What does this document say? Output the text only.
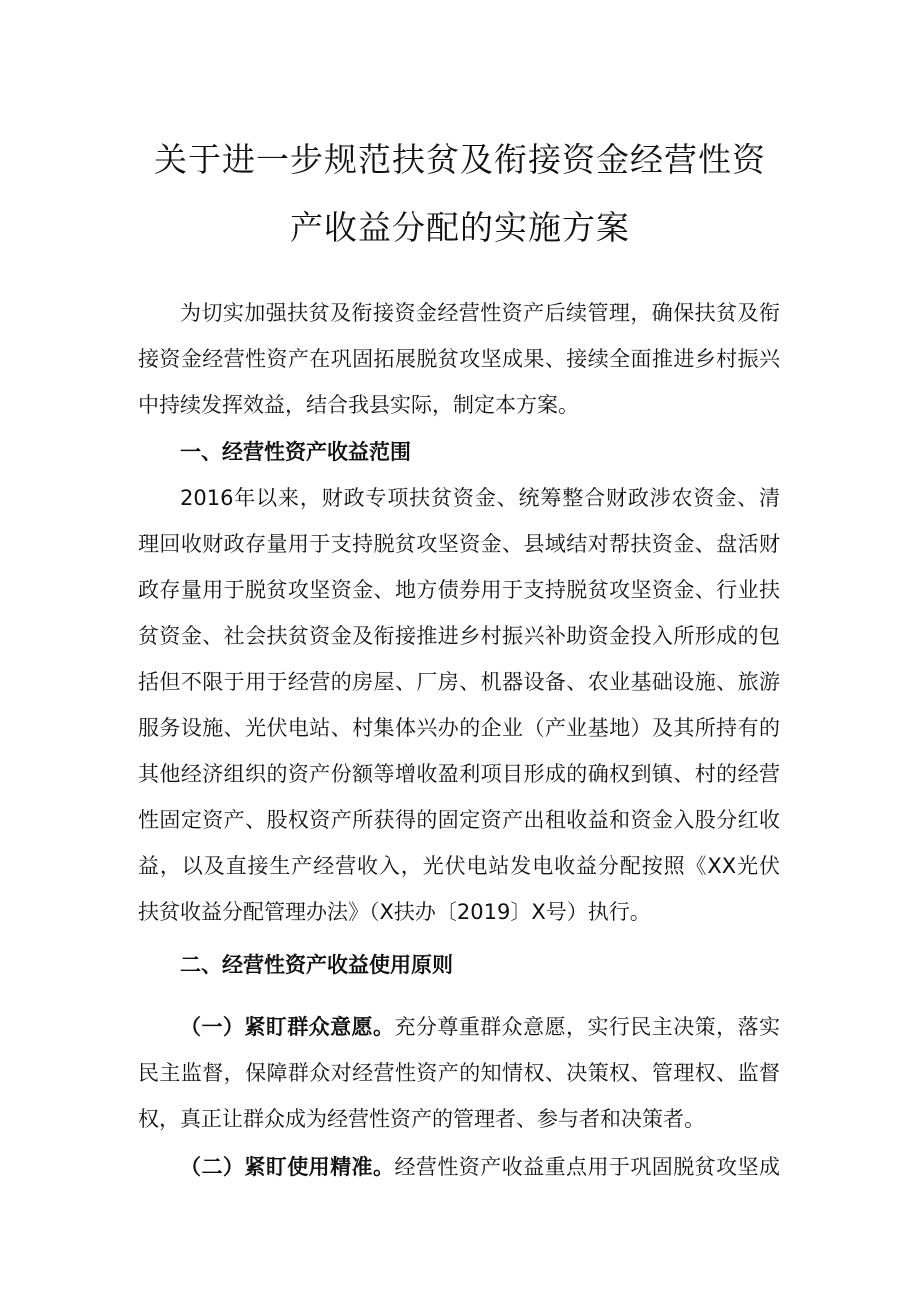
关于进一步规范扶贫及衔接资金经营性资
产收益分配的实施方案
为切实加强扶贫及衔接资金经营性资产后续管理，确保扶贫及衔
接资金经营性资产在巩固拓展脱贫攻坚成果、接续全面推进乡村振兴
中持续发挥效益，结合我县实际，制定本方案。
一、经营性资产收益范围
2016年以来，财政专项扶贫资金、统筹整合财政涉农资金、清
理回收财政存量用于支持脱贫攻坚资金、县域结对帮扶资金、盘活财
政存量用于脱贫攻坚资金、地方债券用于支持脱贫攻坚资金、行业扶
贫资金、社会扶贫资金及衔接推进乡村振兴补助资金投入所形成的包
括但不限于用于经营的房屋、厂房、机器设备、农业基础设施、旅游
服务设施、光伏电站、村集体兴办的企业（产业基地）及其所持有的
其他经济组织的资产份额等增收盈利项目形成的确权到镇、村的经营
性固定资产、股权资产所获得的固定资产出租收益和资金入股分红收
益，以及直接生产经营收入，光伏电站发电收益分配按照《XX光伏
扶贫收益分配管理办法》（X扶办〔2019〕X号）执行。
二、经营性资产收益使用原则
（一）紧盯群众意愿。充分尊重群众意愿，实行民主决策，落实
民主监督，保障群众对经营性资产的知情权、决策权、管理权、监督
权，真正让群众成为经营性资产的管理者、参与者和决策者。
（二）紧盯使用精准。经营性资产收益重点用于巩固脱贫攻坚成
